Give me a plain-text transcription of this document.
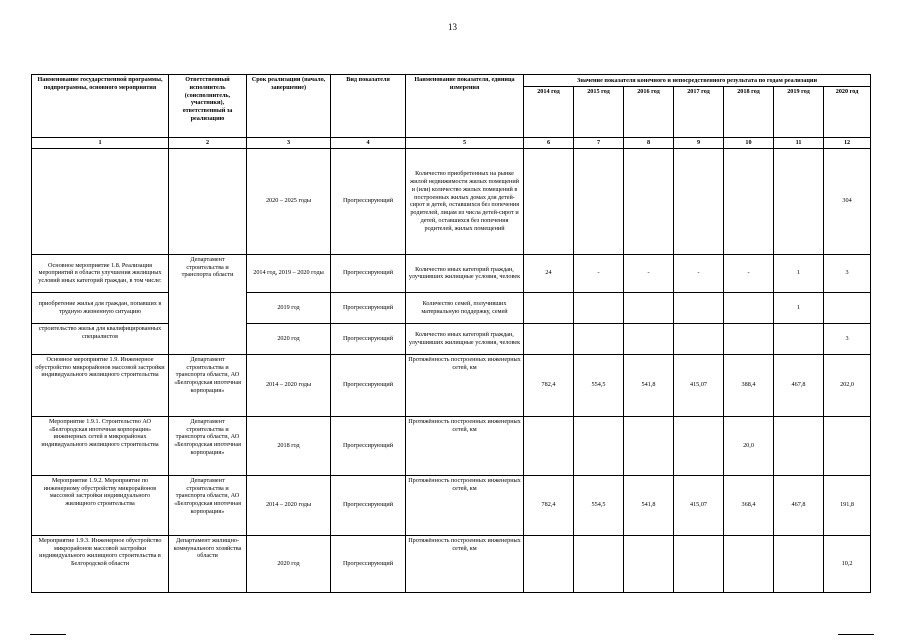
13
Наименование государственной программы, подпрограммы, основного мероприятия	Ответственный исполнитель (соисполнитель, участники), ответственный за реализацию	Срок реализации (начало, завершение)	Вид показателя	Наименование показателя, единица измерения	Значение показателя конечного и непосредственного результата по годам реализации						
					2014 год	2015 год	2016 год	2017 год	2018 год	2019 год	2020 год
1	2	3	4	5	6	7	8	9	10	11	12
		2020 – 2025 годы	Прогрессирующий	Количество приобретенных на рынке жилой недвижимости жилых помещений и (или) количество жилых помещений в построенных жилых домах для детей-сирот и детей, оставшихся без попечения родителей, лицам из числа детей-сирот и детей, оставшихся без попечения родителей, жилых помещений							304
Основное мероприятие 1.8. Реализация мероприятий в области улучшения жилищных условий иных категорий граждан, в том числе:	Департамент строительства и транспорта области	2014 год, 2019 – 2020 годы	Прогрессирующий	Количество иных категорий граждан, улучшивших жилищные условия, человек	24	-	-	-	-	1	3
приобретение жилья для граждан, попавших в трудную жизненную ситуацию		2019 год	Прогрессирующий	Количество семей, получивших материальную поддержку, семей						1	
строительство жилья для квалифицированных специалистов		2020 год	Прогрессирующий	Количество иных категорий граждан, улучшивших жилищные условия, человек							3
Основное мероприятие 1.9. Инженерное обустройство микрорайонов массовой застройки индивидуального жилищного строительства	Департамент строительства и транспорта области, АО «Белгородская ипотечная корпорация»	2014 – 2020 годы	Прогрессирующий	Протяжённость построенных инженерных сетей, км	782,4	554,5	541,8	415,07	388,4	467,8	202,0
Мероприятие 1.9.1. Строительство АО «Белгородская ипотечная корпорация» инженерных сетей в микрорайонах индивидуального жилищного строительства	Департамент строительства и транспорта области, АО «Белгородская ипотечная корпорация»	2018 год	Прогрессирующий	Протяжённость построенных инженерных сетей, км					20,0		
Мероприятие 1.9.2. Мероприятие по инженерному обустройству микрорайонов массовой застройки индивидуального жилищного строительства	Департамент строительства и транспорта области, АО «Белгородская ипотечная корпорация»	2014 – 2020 годы	Прогрессирующий	Протяжённость построенных инженерных сетей, км	782,4	554,5	541,8	415,07	368,4	467,8	191,8
Мероприятие 1.9.3. Инженерное обустройство микрорайонов массовой застройки индивидуального жилищного строительства в Белгородской области	Департамент жилищно-коммунального хозяйства области	2020 год	Прогрессирующий	Протяжённость построенных инженерных сетей, км							10,2
